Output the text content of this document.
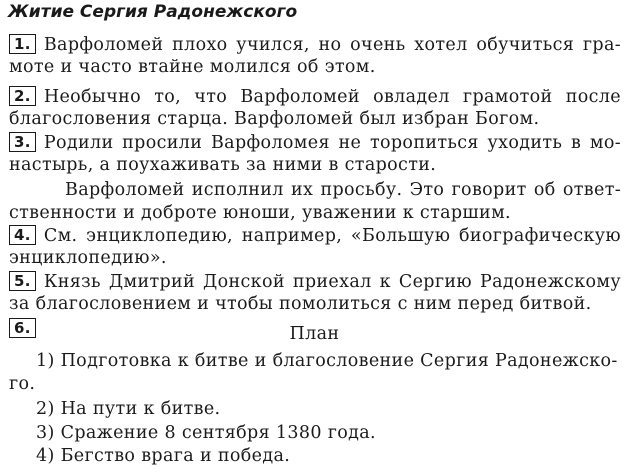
Житие Сергия Радонежского
1. Варфоломей плохо учился, но очень хотел обучиться гра-
моте и часто втайне молился об этом.
2. Необычно то, что Варфоломей овладел грамотой после
благословения старца. Варфоломей был избран Богом.
3. Родили просили Варфоломея не торопиться уходить в мо-
настырь, а поухаживать за ними в старости.
Варфоломей исполнил их просьбу. Это говорит об ответ-
ственности и доброте юноши, уважении к старшим.
4. См. энциклопедию, например, «Большую биографическую
энциклопедию».
5. Князь Дмитрий Донской приехал к Сергию Радонежскому
за благословением и чтобы помолиться с ним перед битвой.
6.	План
1) Подготовка к битве и благословение Сергия Радонежско-
го.
2) На пути к битве.
3) Сражение 8 сентября 1380 года.
4) Бегство врага и победа.
